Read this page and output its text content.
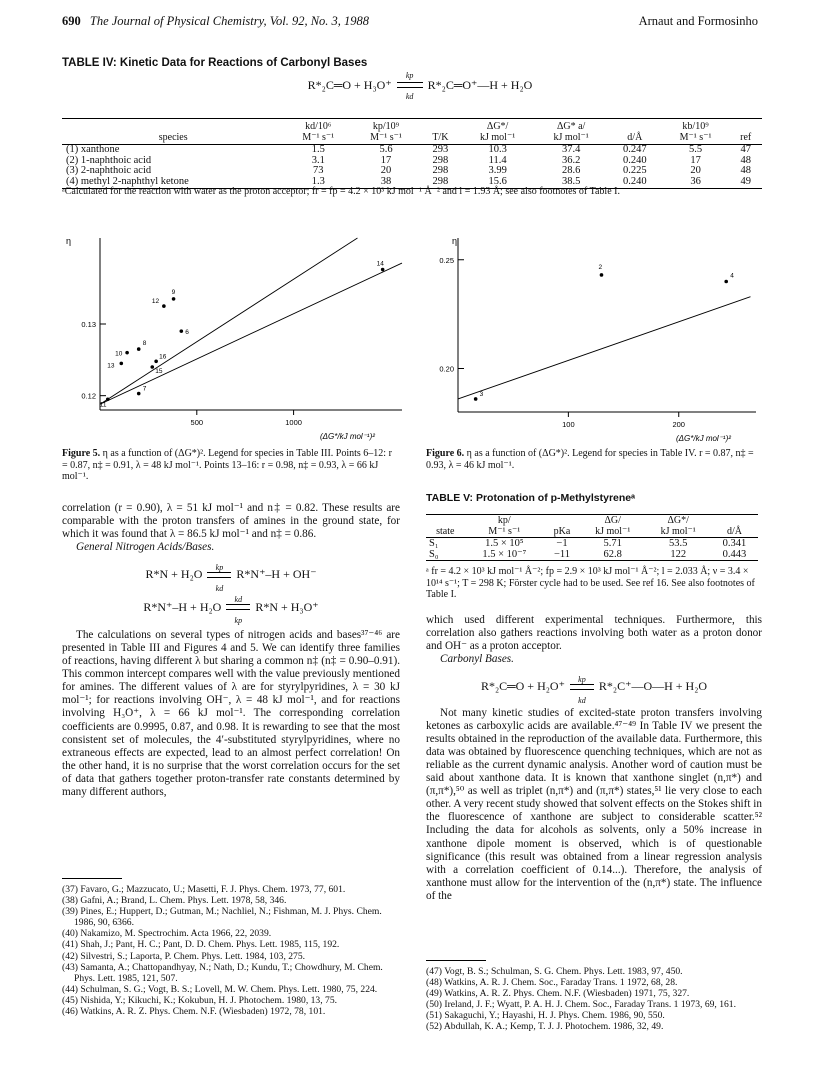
690 The Journal of Physical Chemistry, Vol. 92, No. 3, 1988	Arnaut and Formosinho
TABLE IV: Kinetic Data for Reactions of Carbonyl Bases
R*₂C═O + $H_3O^+ \frac{kp}{kd}$ R*₂C═O⁺—H + H₂O
	kd/10⁶	kp/10⁹		ΔG*/	ΔG* a/		kb/10⁹	
species	M⁻¹ s⁻¹	M⁻¹ s⁻¹	T/K	kJ mol⁻¹	kJ mol⁻¹	d/Å	M⁻¹ s⁻¹	ref
(1) xanthone	1.5	5.6	293	10.3	37.4	0.247	5.5	47
(2) 1-naphthoic acid	3.1	17	298	11.4	36.2	0.240	17	48
(3) 2-naphthoic acid	73	20	298	3.99	28.6	0.225	20	48
(4) methyl 2-naphthyl ketone	1.3	38	298	15.6	38.5	0.240	36	49
ᵃCalculated for the reaction with water as the proton acceptor; fr = fp = 4.2 × 10³ kJ mol⁻¹ Å⁻² and l = 1.93 Å; see also footnotes of Table I.
η
0.13
0.12
500	1000
14
9
12
6
8
10
13
16
15
7
11
(ΔG*/kJ mol⁻¹)²
Figure 5. η as a function of (ΔG*)². Legend for species in Table III. Points 6–12: r = 0.87, n‡ = 0.91, λ = 48 kJ mol⁻¹. Points 13–16: r = 0.98, n‡ = 0.93, λ = 66 kJ mol⁻¹.
η
0.25
0.20
100	200
2
4
3
(ΔG*/kJ mol⁻¹)²
Figure 6. η as a function of (ΔG*)². Legend for species in Table IV. r = 0.87, n‡ = 0.93, λ = 46 kJ mol⁻¹.

correlation (r = 0.90), λ = 51 kJ mol⁻¹ and n‡ = 0.82. These results are comparable with the proton transfers of amines in the ground state, for which it was found that λ = 86.5 kJ mol⁻¹ and n‡ = 0.86.

General Nitrogen Acids/Bases.

$R*N + H_2O \frac{kp}{kd} R*N^+-H + OH^-$
$R*N^+-H + H_2O \frac{kd}{kp} R*N + H_3O^+$

The calculations on several types of nitrogen acids and bases³⁷⁻⁴⁶ are presented in Table III and Figures 4 and 5. We can identify three families of reactions, having different λ but sharing a common n‡ (n‡ = 0.90–0.91). This common intercept compares well with the value previously mentioned for amines. The different values of λ are for styrylpyridines, λ = 30 kJ mol⁻¹; for reactions involving OH⁻, λ = 48 kJ mol⁻¹, and for reactions involving H₃O⁺, λ = 66 kJ mol⁻¹. The corresponding correlation coefficients are 0.9995, 0.87, and 0.98. It is rewarding to see that the most consistent set of molecules, the 4′-substituted styrylpyridines, where no extraneous effects are expected, lead to an almost perfect correlation! On the other hand, it is no surprise that the worst correlation occurs for the set of data that gathers together proton-transfer rate constants determined by many different authors,

(37) Favaro, G.; Mazzucato, U.; Masetti, F. J. Phys. Chem. 1973, 77, 601.
(38) Gafni, A.; Brand, L. Chem. Phys. Lett. 1978, 58, 346.
(39) Pines, E.; Huppert, D.; Gutman, M.; Nachliel, N.; Fishman, M. J. Phys. Chem. 1986, 90, 6366.
(40) Nakamizo, M. Spectrochim. Acta 1966, 22, 2039.
(41) Shah, J.; Pant, H. C.; Pant, D. D. Chem. Phys. Lett. 1985, 115, 192.
(42) Silvestri, S.; Laporta, P. Chem. Phys. Lett. 1984, 103, 275.
(43) Samanta, A.; Chattopandhyay, N.; Nath, D.; Kundu, T.; Chowdhury, M. Chem. Phys. Lett. 1985, 121, 507.
(44) Schulman, S. G.; Vogt, B. S.; Lovell, M. W. Chem. Phys. Lett. 1980, 75, 224.
(45) Nishida, Y.; Kikuchi, K.; Kokubun, H. J. Photochem. 1980, 13, 75.
(46) Watkins, A. R. Z. Phys. Chem. N.F. (Wiesbaden) 1972, 78, 101.
TABLE V: Protonation of p-Methylstyreneᵃ
	kp/		ΔG/	ΔG*/	
state	M⁻¹ s⁻¹	pKa	kJ mol⁻¹	kJ mol⁻¹	d/Å
S₁	1.5 × 10⁵	−1	5.71	53.5	0.341
S₀	1.5 × 10⁻⁷	−11	62.8	122	0.443
ᵃ fr = 4.2 × 10³ kJ mol⁻¹ Å⁻²; fp = 2.9 × 10³ kJ mol⁻¹ Å⁻²; l = 2.033 Å; ν = 3.4 × 10¹⁴ s⁻¹; T = 298 K; Förster cycle had to be used. See ref 16. See also footnotes of Table I.

which used different experimental techniques. Furthermore, this correlation also gathers reactions involving both water as a proton donor and OH⁻ as a proton acceptor.

Carbonyl Bases.

R*₂C═O + $H_2O^+ \frac{kp}{kd}$ R*₂C⁺—O—H + H₂O

Not many kinetic studies of excited-state proton transfers involving ketones as carboxylic acids are available.⁴⁷⁻⁴⁹ In Table IV we present the results obtained in the reproduction of the available data. Furthermore, this data was obtained by fluorescence quenching techniques, which are not as reliable as the current dynamic analysis. Another word of caution must be said about xanthone data. It is known that xanthone singlet (n,π*) and (π,π*),⁵⁰ as well as triplet (n,π*) and (π,π*) states,⁵¹ lie very close to each other. A very recent study showed that solvent effects on the Stokes shift in the fluorescence of xanthone are subject to considerable scatter.⁵² Including the data for alcohols as solvents, only a 50% increase in xanthone dipole moment is observed, which is of questionable significance (this result was obtained from a linear regression analysis with a correlation coefficient of 0.14...). Therefore, the analysis of xanthone must allow for the intervention of the (n,π*) state. The influence of the

(47) Vogt, B. S.; Schulman, S. G. Chem. Phys. Lett. 1983, 97, 450.
(48) Watkins, A. R. J. Chem. Soc., Faraday Trans. 1 1972, 68, 28.
(49) Watkins, A. R. Z. Phys. Chem. N.F. (Wiesbaden) 1971, 75, 327.
(50) Ireland, J. F.; Wyatt, P. A. H. J. Chem. Soc., Faraday Trans. 1 1973, 69, 161.
(51) Sakaguchi, Y.; Hayashi, H. J. Phys. Chem. 1986, 90, 550.
(52) Abdullah, K. A.; Kemp, T. J. J. Photochem. 1986, 32, 49.
